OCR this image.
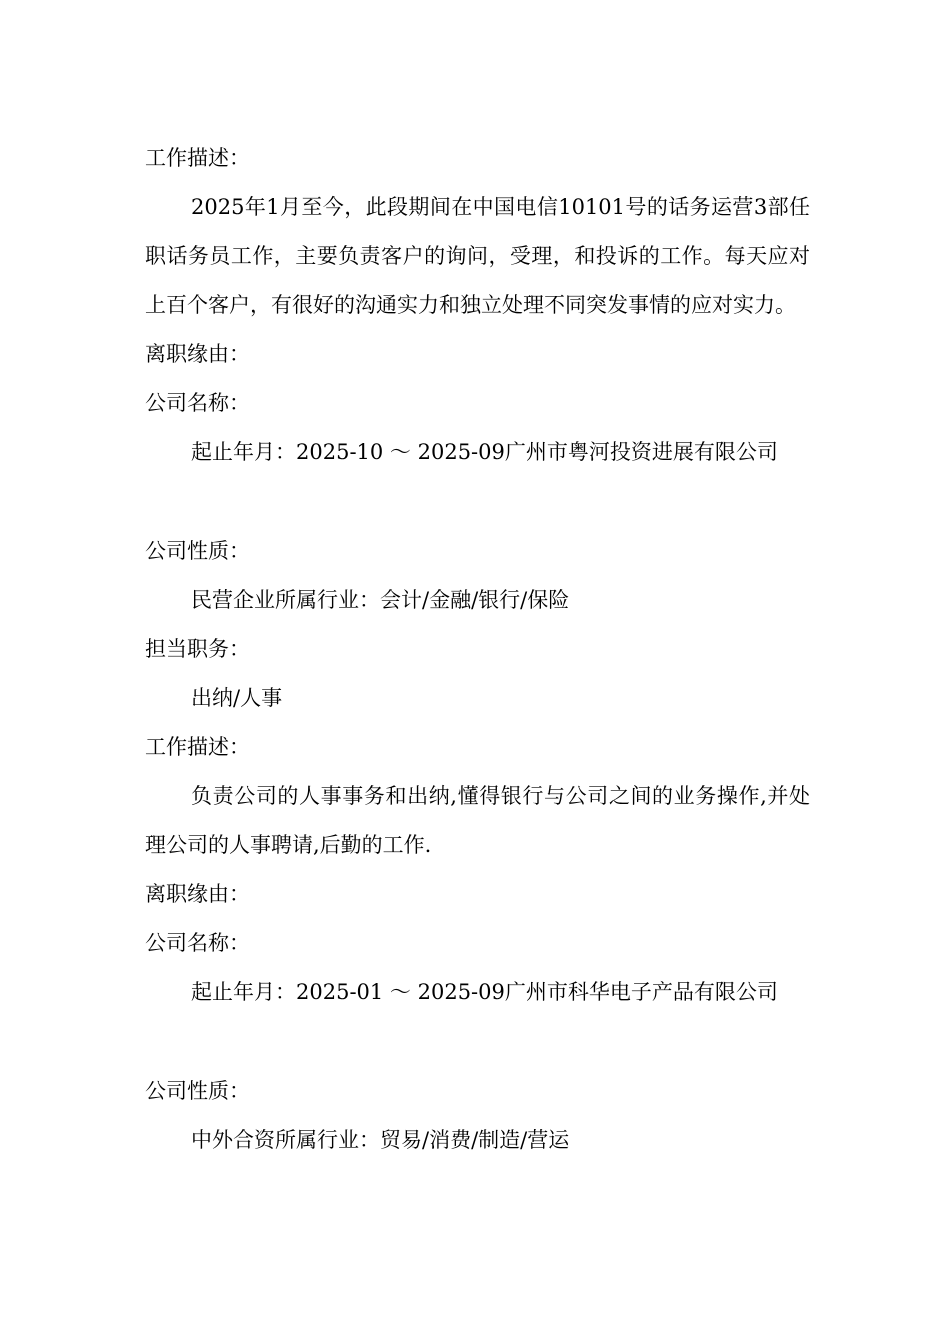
工作描述：

2025年1月至今，此段期间在中国电信10101号的话务运营3部任职话务员工作，主要负责客户的询问，受理，和投诉的工作。每天应对上百个客户，有很好的沟通实力和独立处理不同突发事情的应对实力。

离职缘由：
公司名称：
起止年月：2025-10 ～ 2025-09广州市粤河投资进展有限公司
公司性质：
民营企业所属行业：会计/金融/银行/保险
担当职务：
出纳/人事
工作描述：

负责公司的人事事务和出纳,懂得银行与公司之间的业务操作,并处理公司的人事聘请,后勤的工作.

离职缘由：
公司名称：
起止年月：2025-01 ～ 2025-09广州市科华电子产品有限公司
公司性质：
中外合资所属行业：贸易/消费/制造/营运
